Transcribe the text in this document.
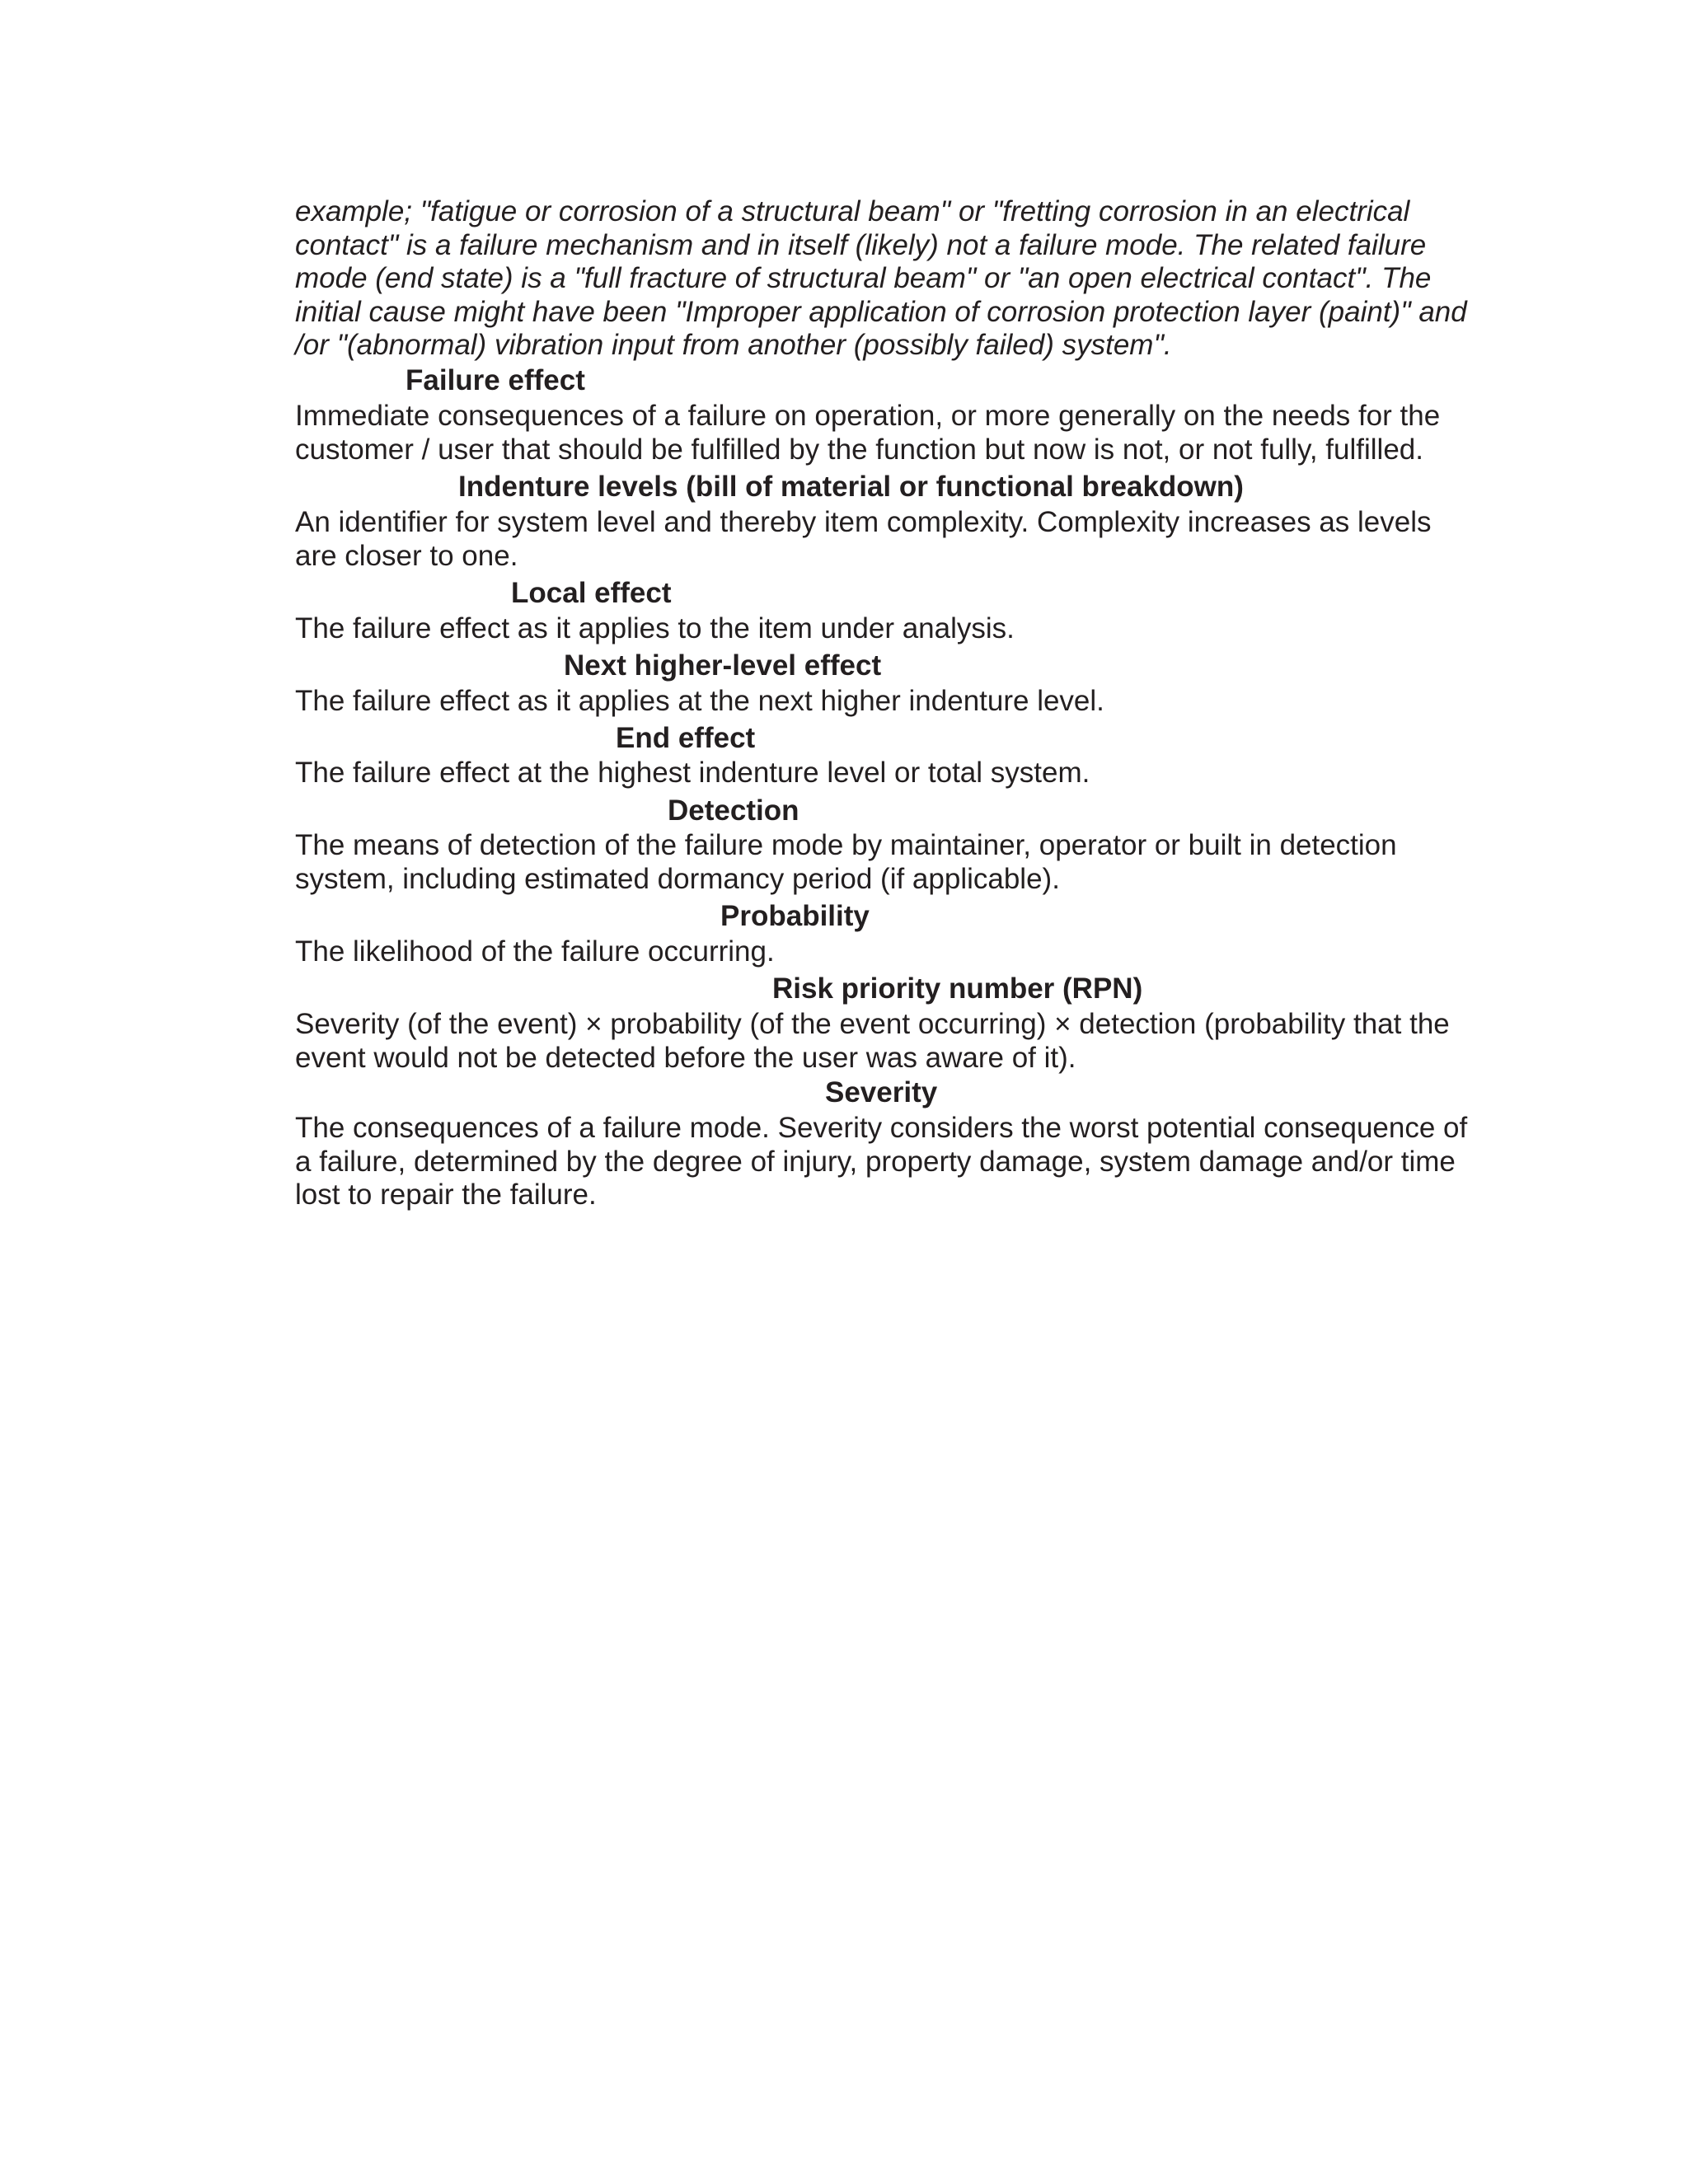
example; "fatigue or corrosion of a structural beam" or "fretting corrosion in an electrical
contact" is a failure mechanism and in itself (likely) not a failure mode. The related failure
mode (end state) is a "full fracture of structural beam" or "an open electrical contact". The
initial cause might have been "Improper application of corrosion protection layer (paint)" and
/or "(abnormal) vibration input from another (possibly failed) system".
Failure effect
Immediate consequences of a failure on operation, or more generally on the needs for the
customer / user that should be fulfilled by the function but now is not, or not fully, fulfilled.
Indenture levels (bill of material or functional breakdown)
An identifier for system level and thereby item complexity. Complexity increases as levels
are closer to one.
Local effect
The failure effect as it applies to the item under analysis.
Next higher-level effect
The failure effect as it applies at the next higher indenture level.
End effect
The failure effect at the highest indenture level or total system.
Detection
The means of detection of the failure mode by maintainer, operator or built in detection
system, including estimated dormancy period (if applicable).
Probability
The likelihood of the failure occurring.
Risk priority number (RPN)
Severity (of the event) × probability (of the event occurring) × detection (probability that the
event would not be detected before the user was aware of it).
Severity
The consequences of a failure mode. Severity considers the worst potential consequence of
a failure, determined by the degree of injury, property damage, system damage and/or time
lost to repair the failure.
